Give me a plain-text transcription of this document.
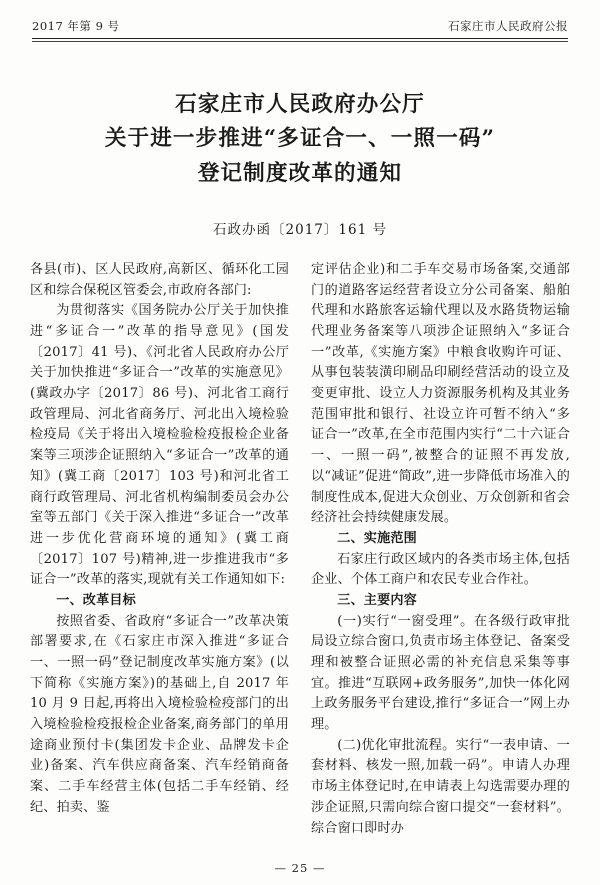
2017 年第 9 号	石家庄市人民政府公报
石家庄市人民政府办公厅
关于进一步推进“多证合一、一照一码”
登记制度改革的通知
石政办函〔2017〕161 号

各县(市)、区人民政府,高新区、循环化工园区和综合保税区管委会,市政府各部门:

为贯彻落实《国务院办公厅关于加快推进“多证合一”改革的指导意见》(国发〔2017〕41 号)、《河北省人民政府办公厅关于加快推进“多证合一”改革的实施意见》(冀政办字〔2017〕86 号)、河北省工商行政管理局、河北省商务厅、河北出入境检验检疫局《关于将出入境检验检疫报检企业备案等三项涉企证照纳入“多证合一”改革的通知》(冀工商〔2017〕103 号)和河北省工商行政管理局、河北省机构编制委员会办公室等五部门《关于深入推进“多证合一”改革进一步优化营商环境的通知》(冀工商〔2017〕107 号)精神,进一步推进我市“多证合一”改革的落实,现就有关工作通知如下:

一、改革目标

按照省委、省政府“多证合一”改革决策部署要求,在《石家庄市深入推进“多证合一、一照一码”登记制度改革实施方案》(以下简称《实施方案》)的基础上,自 2017 年 10 月 9 日起,再将出入境检验检疫部门的出入境检验检疫报检企业备案,商务部门的单用途商业预付卡(集团发卡企业、品牌发卡企业)备案、汽车供应商备案、汽车经销商备案、二手车经营主体(包括二手车经销、经纪、拍卖、鉴

定评估企业)和二手车交易市场备案,交通部门的道路客运经营者设立分公司备案、船舶代理和水路旅客运输代理以及水路货物运输代理业务备案等八项涉企证照纳入“多证合一”改革,《实施方案》中粮食收购许可证、从事包装装潢印刷品印刷经营活动的设立及变更审批、设立人力资源服务机构及其业务范围审批和银行、社设立许可暂不纳入“多证合一”改革,在全市范围内实行“二十六证合一、一照一码”,被整合的证照不再发放,以“减证”促进“简政”,进一步降低市场准入的制度性成本,促进大众创业、万众创新和省会经济社会持续健康发展。

二、实施范围

石家庄行政区域内的各类市场主体,包括企业、个体工商户和农民专业合作社。

三、主要内容

(一)实行“一窗受理”。在各级行政审批局设立综合窗口,负责市场主体登记、备案受理和被整合证照必需的补充信息采集等事宜。推进“互联网+政务服务”,加快一体化网上政务服务平台建设,推行“多证合一”网上办理。

(二)优化审批流程。实行“一表申请、一套材料、核发一照,加载一码”。申请人办理市场主体登记时,在申请表上勾选需要办理的涉企证照,只需向综合窗口提交“一套材料”。综合窗口即时办

— 25 —
